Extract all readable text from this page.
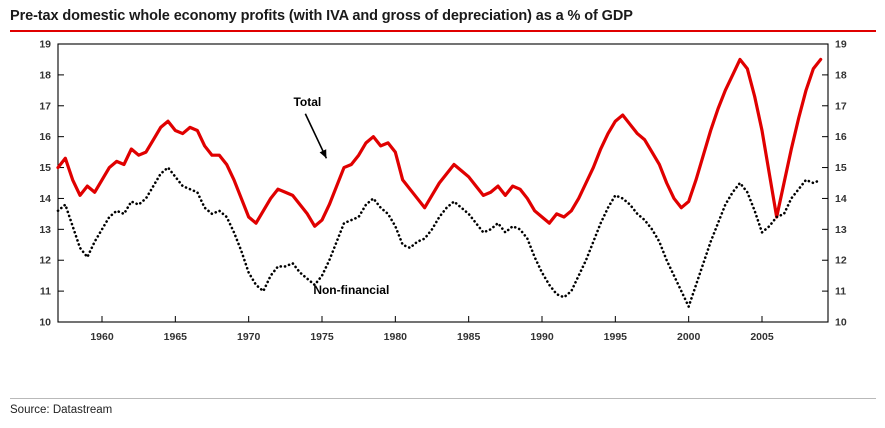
Pre-tax domestic whole economy profits (with IVA and gross of depreciation) as a % of GDP
10	10
11	11
12	12
13	13
14	14
15	15
16	16
17	17
18	18
19	19
1960	1965	1970	1975	1980	1985	1990	1995	2000	2005
Total
Non-financial
Source: Datastream
